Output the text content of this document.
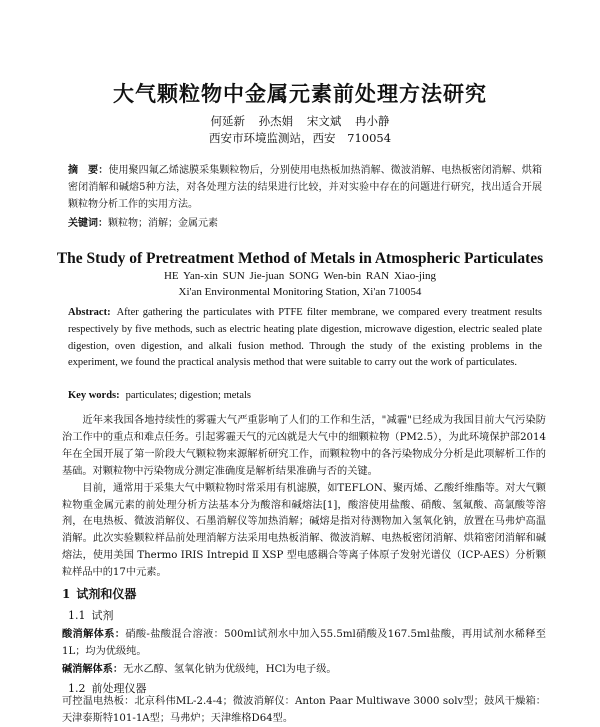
大气颗粒物中金属元素前处理方法研究
何延新 孙杰娟 宋文斌 冉小静
西安市环境监测站，西安 710054
摘　要：使用聚四氟乙烯滤膜采集颗粒物后，分别使用电热板加热消解、微波消解、电热板密闭消解、烘箱密闭消解和碱熔5种方法，对各处理方法的结果进行比较，并对实验中存在的问题进行研究，找出适合开展颗粒物分析工作的实用方法。
关键词：颗粒物；消解；金属元素
The Study of Pretreatment Method of Metals in Atmospheric Particulates
HE Yan-xin SUN Jie-juan SONG Wen-bin RAN Xiao-jing
Xi'an Environmental Monitoring Station, Xi'an 710054
Abstract: After gathering the particulates with PTFE filter membrane, we compared every treatment results respectively by five methods, such as electric heating plate digestion, microwave digestion, electric sealed plate digestion, oven digestion, and alkali fusion method. Through the study of the existing problems in the experiment, we found the practical analysis method that were suitable to carry out the work of particulates.
Key words: particulates; digestion; metals

近年来我国各地持续性的雾霾大气严重影响了人们的工作和生活，"减霾"已经成为我国目前大气污染防治工作中的重点和难点任务。引起雾霾天气的元凶就是大气中的细颗粒物（PM2.5），为此环境保护部2014年在全国开展了第一阶段大气颗粒物来源解析研究工作，而颗粒物中的各污染物成分分析是此项解析工作的基础。对颗粒物中污染物成分测定准确度是解析结果准确与否的关键。

目前，通常用于采集大气中颗粒物时常采用有机滤膜，如TEFLON、聚丙烯、乙酸纤维酯等。对大气颗粒物重金属元素的前处理分析方法基本分为酸溶和碱熔法[1]，酸溶使用盐酸、硝酸、氢氟酸、高氯酸等溶剂，在电热板、微波消解仪、石墨消解仪等加热消解；碱熔是指对待测物加入氢氧化钠，放置在马弗炉高温消解。此次实验颗粒样品前处理消解方法采用电热板消解、微波消解、电热板密闭消解、烘箱密闭消解和碱熔法，使用美国 Thermo IRIS Intrepid Ⅱ XSP 型电感耦合等离子体原子发射光谱仪（ICP-AES）分析颗粒样品中的17中元素。

1 试剂和仪器
1.1 试剂
酸消解体系：硝酸-盐酸混合溶液：500ml试剂水中加入55.5ml硝酸及167.5ml盐酸，再用试剂水稀释至1L；均为优级纯。
碱消解体系：无水乙醇、氢氧化钠为优级纯，HCl为电子级。
1.2 前处理仪器
可控温电热板：北京科伟ML-2.4-4；微波消解仪：Anton Paar Multiwave 3000 solv型；鼓风干燥箱：天津泰斯特101-1A型；马弗炉；天津维格D64型。
